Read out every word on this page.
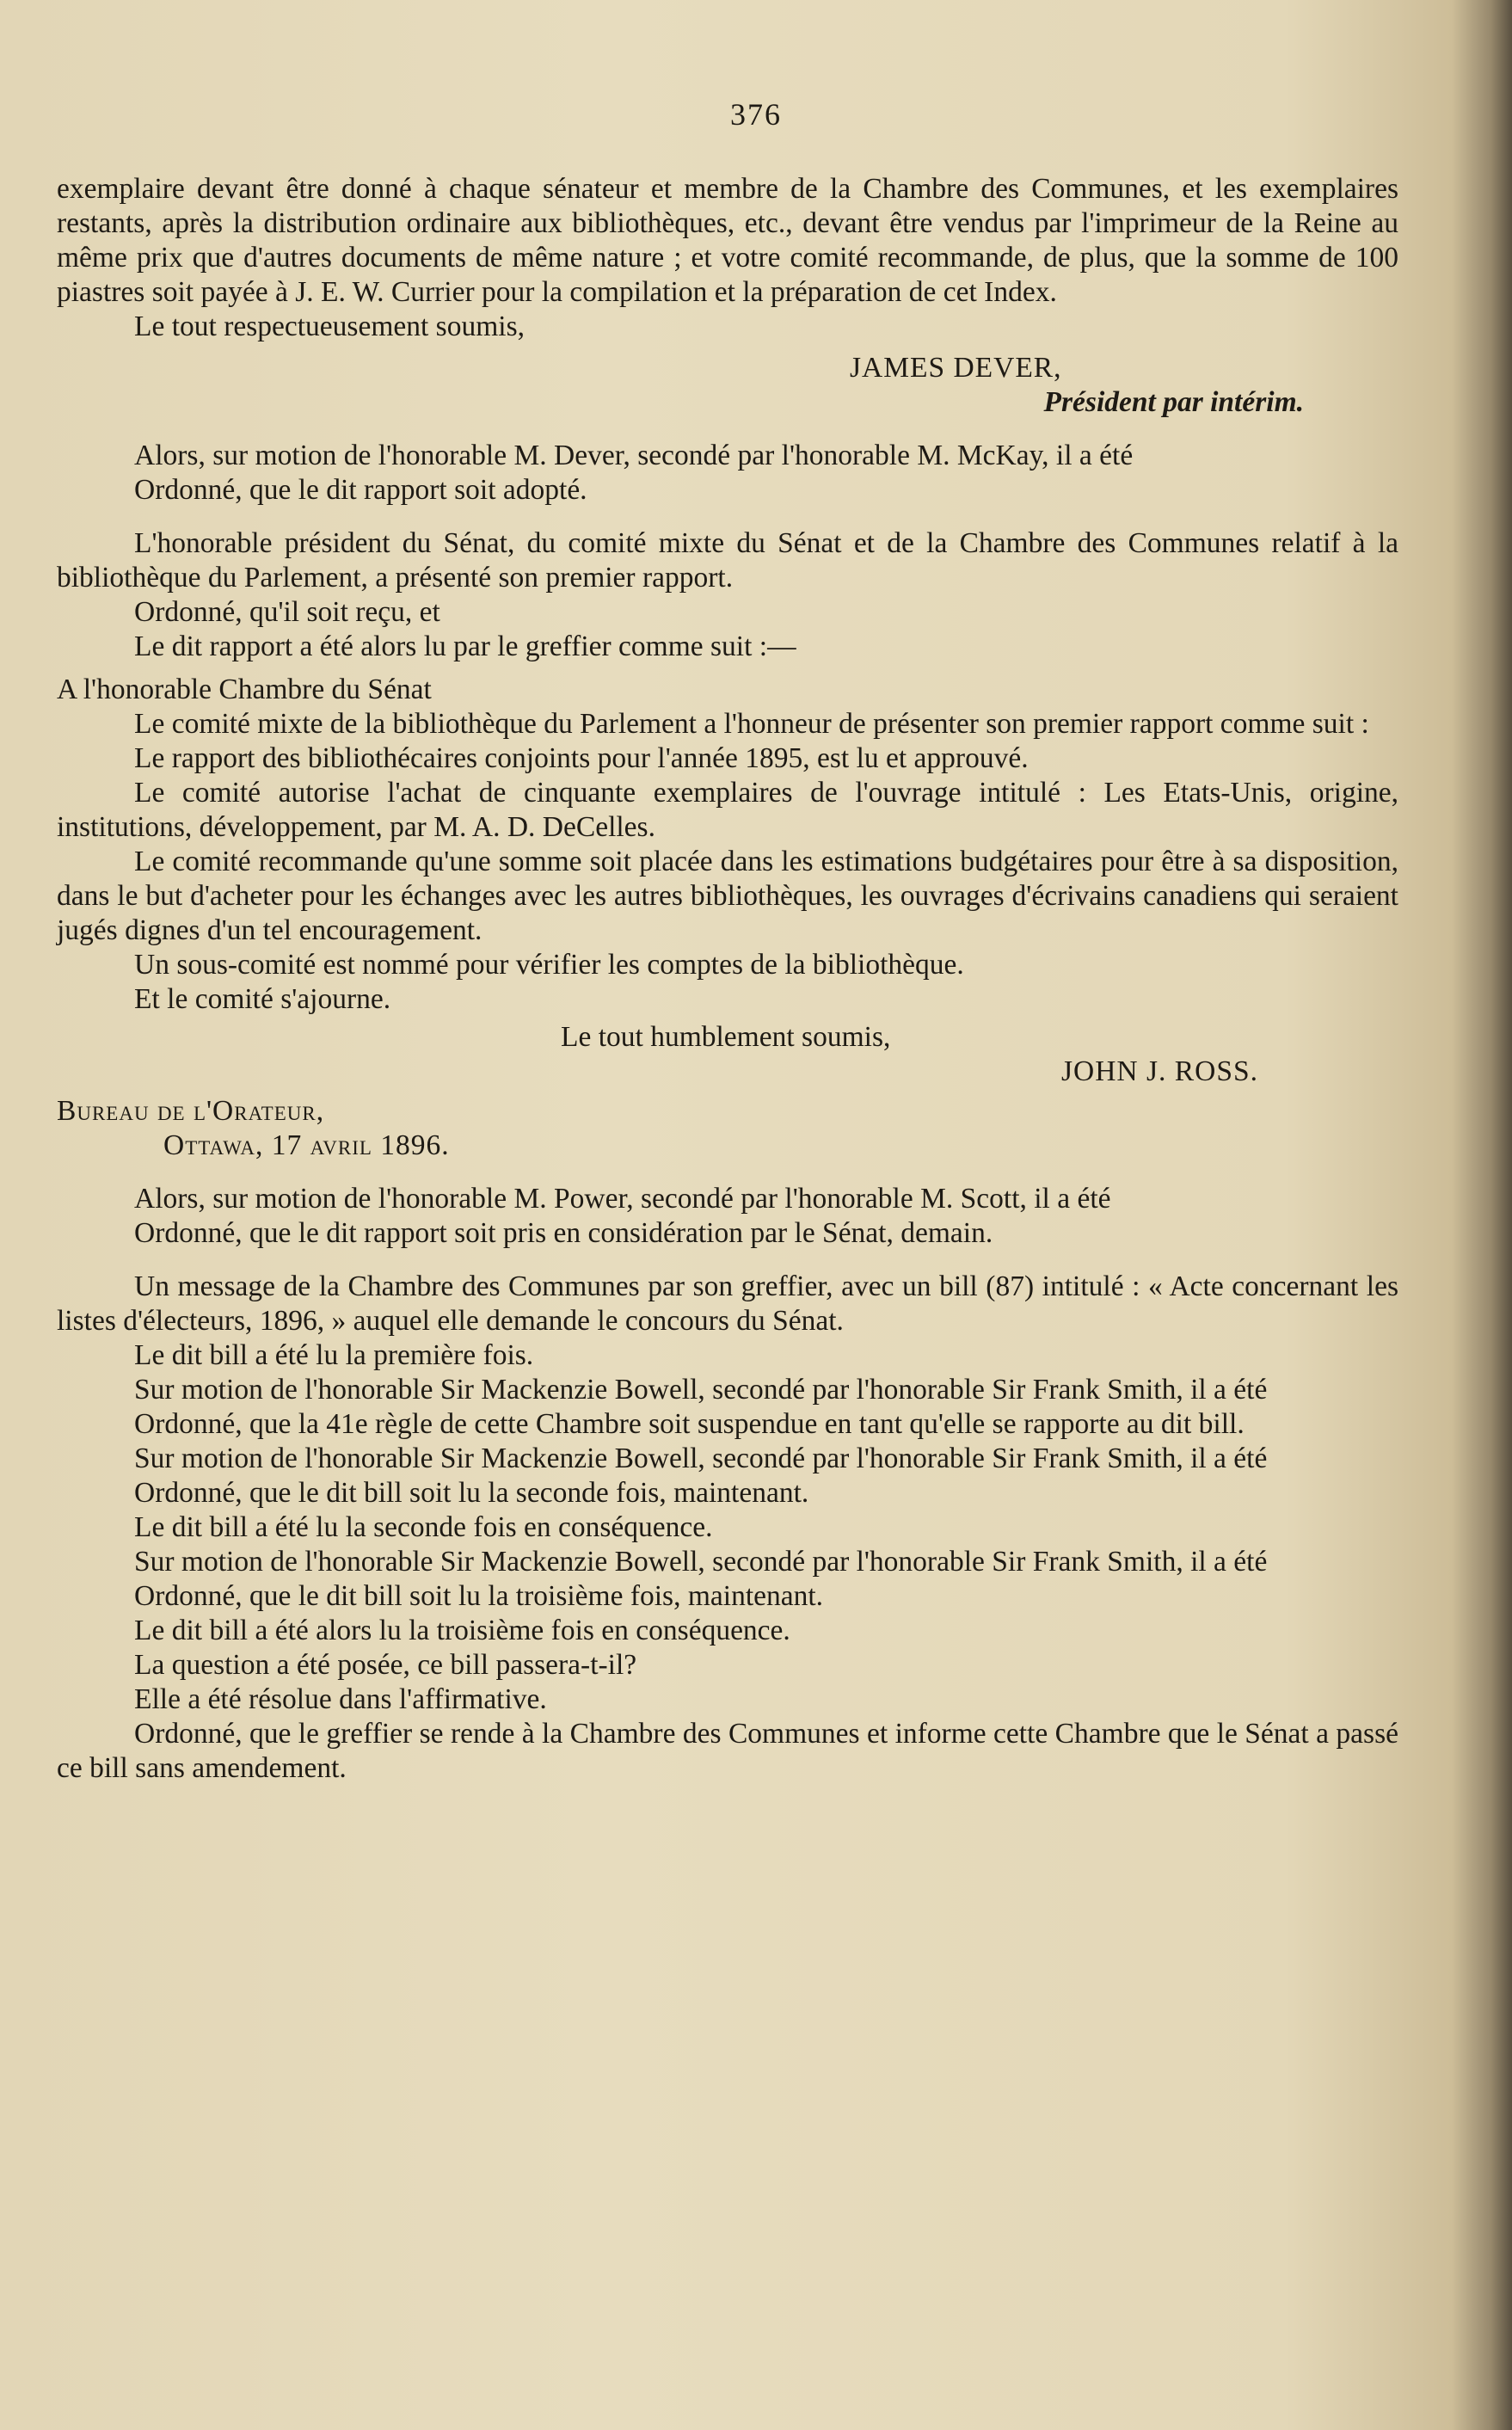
376

exemplaire devant être donné à chaque sénateur et membre de la Chambre des Communes, et les exemplaires restants, après la distribution ordinaire aux bibliothèques, etc., devant être vendus par l'imprimeur de la Reine au même prix que d'autres documents de même nature ; et votre comité recommande, de plus, que la somme de 100 piastres soit payée à J. E. W. Currier pour la compilation et la préparation de cet Index.

Le tout respectueusement soumis,

JAMES DEVER,

Président par intérim.

Alors, sur motion de l'honorable M. Dever, secondé par l'honorable M. McKay, il a été

Ordonné, que le dit rapport soit adopté.

L'honorable président du Sénat, du comité mixte du Sénat et de la Chambre des Communes relatif à la bibliothèque du Parlement, a présenté son premier rapport.

Ordonné, qu'il soit reçu, et

Le dit rapport a été alors lu par le greffier comme suit :—

A l'honorable Chambre du Sénat

Le comité mixte de la bibliothèque du Parlement a l'honneur de présenter son premier rapport comme suit :

Le rapport des bibliothécaires conjoints pour l'année 1895, est lu et approuvé.

Le comité autorise l'achat de cinquante exemplaires de l'ouvrage intitulé : Les Etats-Unis, origine, institutions, développement, par M. A. D. DeCelles.

Le comité recommande qu'une somme soit placée dans les estimations budgétaires pour être à sa disposition, dans le but d'acheter pour les échanges avec les autres bibliothèques, les ouvrages d'écrivains canadiens qui seraient jugés dignes d'un tel encouragement.

Un sous-comité est nommé pour vérifier les comptes de la bibliothèque.

Et le comité s'ajourne.

Le tout humblement soumis,

JOHN J. ROSS.

Bureau de l'Orateur,

Ottawa, 17 avril 1896.

Alors, sur motion de l'honorable M. Power, secondé par l'honorable M. Scott, il a été

Ordonné, que le dit rapport soit pris en considération par le Sénat, demain.

Un message de la Chambre des Communes par son greffier, avec un bill (87) intitulé : « Acte concernant les listes d'électeurs, 1896, » auquel elle demande le concours du Sénat.

Le dit bill a été lu la première fois.

Sur motion de l'honorable Sir Mackenzie Bowell, secondé par l'honorable Sir Frank Smith, il a été

Ordonné, que la 41e règle de cette Chambre soit suspendue en tant qu'elle se rapporte au dit bill.

Sur motion de l'honorable Sir Mackenzie Bowell, secondé par l'honorable Sir Frank Smith, il a été

Ordonné, que le dit bill soit lu la seconde fois, maintenant.

Le dit bill a été lu la seconde fois en conséquence.

Sur motion de l'honorable Sir Mackenzie Bowell, secondé par l'honorable Sir Frank Smith, il a été

Ordonné, que le dit bill soit lu la troisième fois, maintenant.

Le dit bill a été alors lu la troisième fois en conséquence.

La question a été posée, ce bill passera-t-il?

Elle a été résolue dans l'affirmative.

Ordonné, que le greffier se rende à la Chambre des Communes et informe cette Chambre que le Sénat a passé ce bill sans amendement.
